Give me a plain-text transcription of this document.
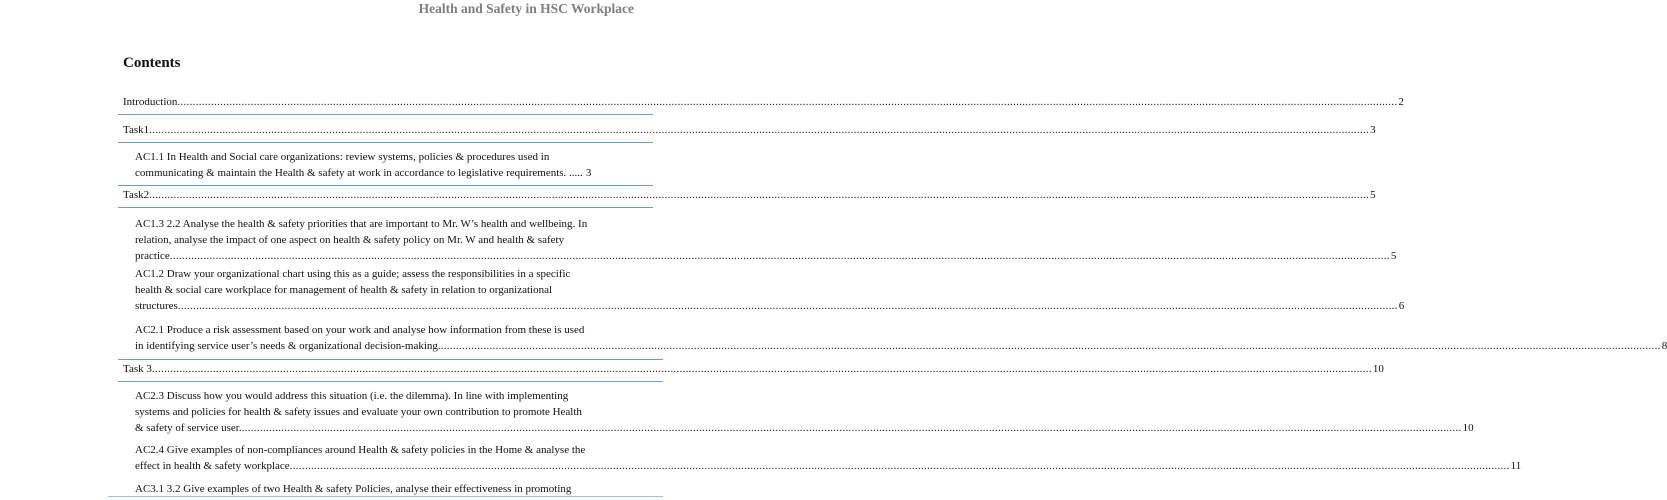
Health and Safety in HSC Workplace
Contents
Introduction ................................................................................................................................................................................................................................................................................................................................................................................................................ 2
Task1 ................................................................................................................................................................................................................................................................................................................................................................................................................ 3
AC1.1 In Health and Social care organizations: review systems, policies & procedures used in
communicating & maintain the Health & safety at work in accordance to legislative requirements. ..... 3
Task2 ................................................................................................................................................................................................................................................................................................................................................................................................................ 5
AC1.3 2.2 Analyse the health & safety priorities that are important to Mr. W’s health and wellbeing. In
relation, analyse the impact of one aspect on health & safety policy on Mr. W and health & safety
practice ................................................................................................................................................................................................................................................................................................................................................................................................................ 5
AC1.2 Draw your organizational chart using this as a guide; assess the responsibilities in a specific
health & social care workplace for management of health & safety in relation to organizational
structures ................................................................................................................................................................................................................................................................................................................................................................................................................ 6
AC2.1 Produce a risk assessment based on your work and analyse how information from these is used
in identifying service user’s needs & organizational decision-making. ................................................................................................................................................................................................................................................................................................................................................................................................................ 8
Task 3 ................................................................................................................................................................................................................................................................................................................................................................................................................ 10
AC2.3 Discuss how you would address this situation (i.e. the dilemma). In line with implementing
systems and policies for health & safety issues and evaluate your own contribution to promote Health
& safety of service user. ................................................................................................................................................................................................................................................................................................................................................................................................................ 10
AC2.4 Give examples of non-compliances around Health & safety policies in the Home & analyse the
effect in health & safety workplace ................................................................................................................................................................................................................................................................................................................................................................................................................ 11
AC3.1 3.2 Give examples of two Health & safety Policies, analyse their effectiveness in promoting
